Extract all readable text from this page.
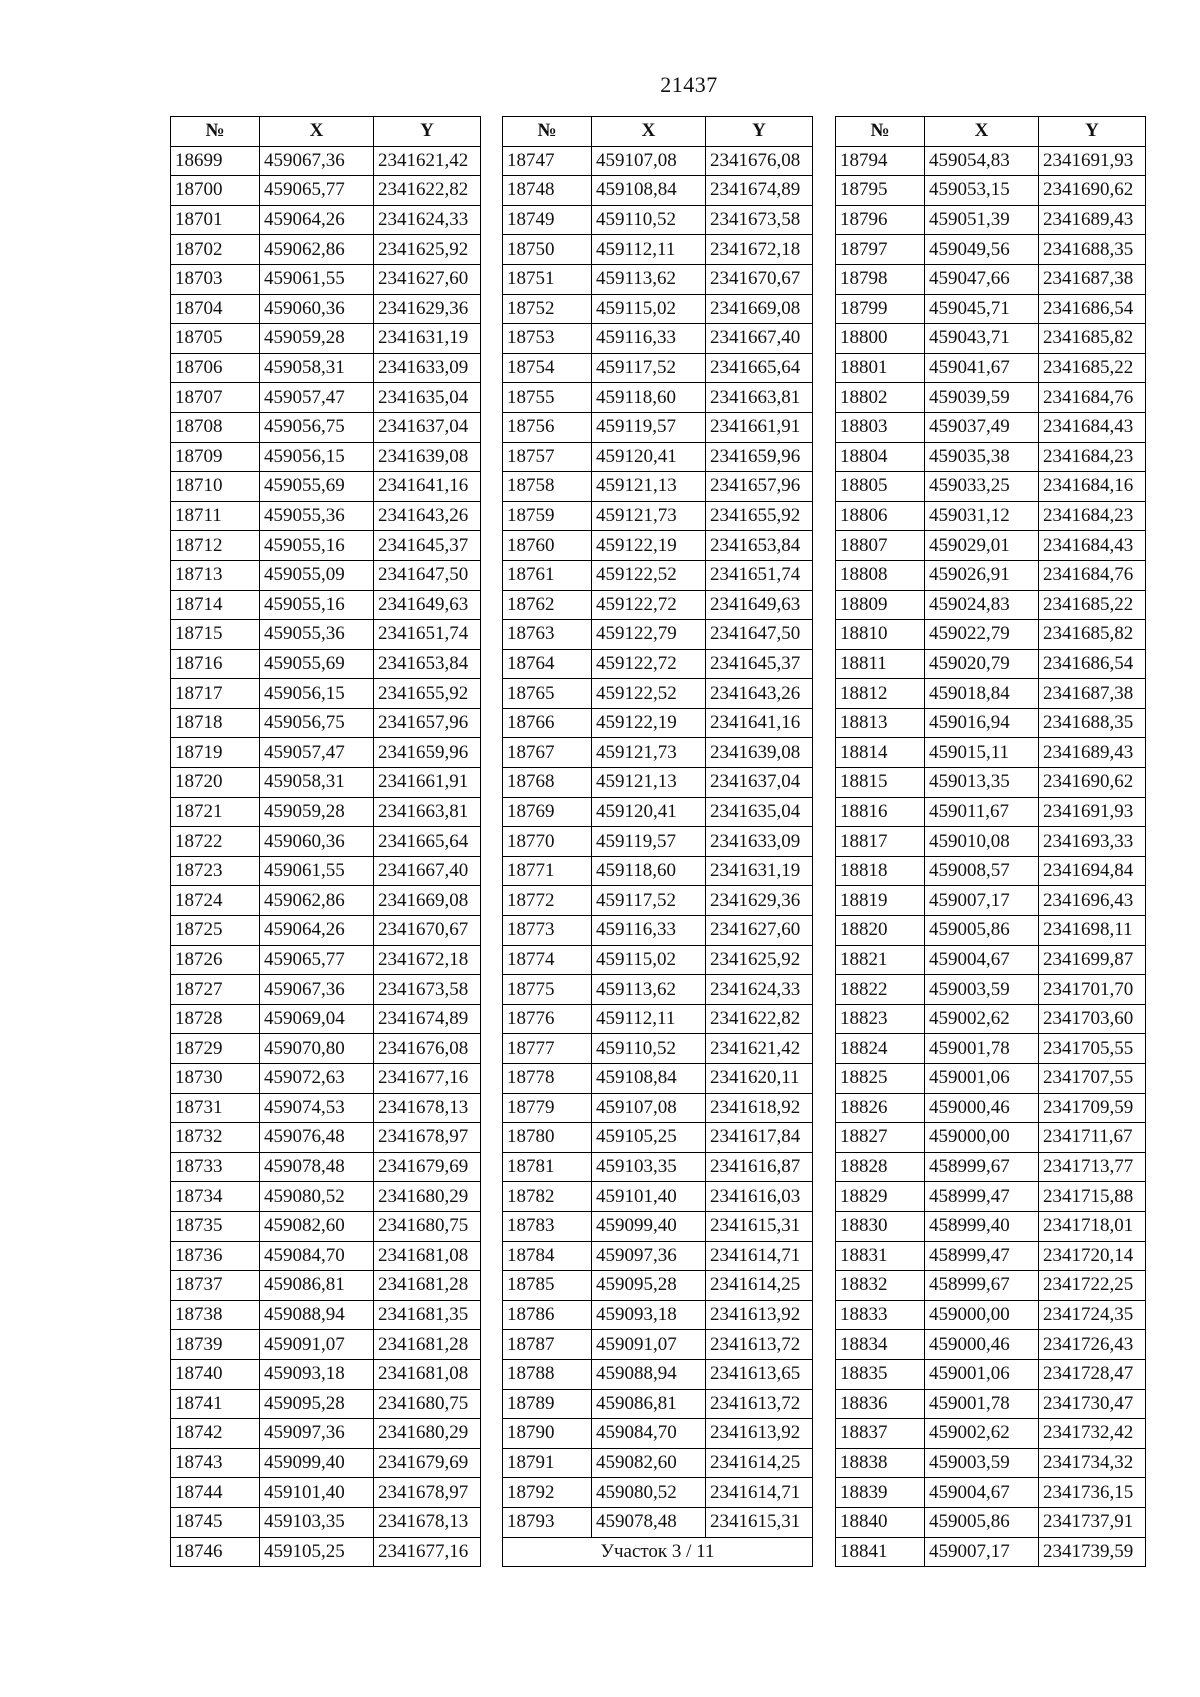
21437
№	X	Y
18699	459067,36	2341621,42
18700	459065,77	2341622,82
18701	459064,26	2341624,33
18702	459062,86	2341625,92
18703	459061,55	2341627,60
18704	459060,36	2341629,36
18705	459059,28	2341631,19
18706	459058,31	2341633,09
18707	459057,47	2341635,04
18708	459056,75	2341637,04
18709	459056,15	2341639,08
18710	459055,69	2341641,16
18711	459055,36	2341643,26
18712	459055,16	2341645,37
18713	459055,09	2341647,50
18714	459055,16	2341649,63
18715	459055,36	2341651,74
18716	459055,69	2341653,84
18717	459056,15	2341655,92
18718	459056,75	2341657,96
18719	459057,47	2341659,96
18720	459058,31	2341661,91
18721	459059,28	2341663,81
18722	459060,36	2341665,64
18723	459061,55	2341667,40
18724	459062,86	2341669,08
18725	459064,26	2341670,67
18726	459065,77	2341672,18
18727	459067,36	2341673,58
18728	459069,04	2341674,89
18729	459070,80	2341676,08
18730	459072,63	2341677,16
18731	459074,53	2341678,13
18732	459076,48	2341678,97
18733	459078,48	2341679,69
18734	459080,52	2341680,29
18735	459082,60	2341680,75
18736	459084,70	2341681,08
18737	459086,81	2341681,28
18738	459088,94	2341681,35
18739	459091,07	2341681,28
18740	459093,18	2341681,08
18741	459095,28	2341680,75
18742	459097,36	2341680,29
18743	459099,40	2341679,69
18744	459101,40	2341678,97
18745	459103,35	2341678,13
18746	459105,25	2341677,16
№	X	Y
18747	459107,08	2341676,08
18748	459108,84	2341674,89
18749	459110,52	2341673,58
18750	459112,11	2341672,18
18751	459113,62	2341670,67
18752	459115,02	2341669,08
18753	459116,33	2341667,40
18754	459117,52	2341665,64
18755	459118,60	2341663,81
18756	459119,57	2341661,91
18757	459120,41	2341659,96
18758	459121,13	2341657,96
18759	459121,73	2341655,92
18760	459122,19	2341653,84
18761	459122,52	2341651,74
18762	459122,72	2341649,63
18763	459122,79	2341647,50
18764	459122,72	2341645,37
18765	459122,52	2341643,26
18766	459122,19	2341641,16
18767	459121,73	2341639,08
18768	459121,13	2341637,04
18769	459120,41	2341635,04
18770	459119,57	2341633,09
18771	459118,60	2341631,19
18772	459117,52	2341629,36
18773	459116,33	2341627,60
18774	459115,02	2341625,92
18775	459113,62	2341624,33
18776	459112,11	2341622,82
18777	459110,52	2341621,42
18778	459108,84	2341620,11
18779	459107,08	2341618,92
18780	459105,25	2341617,84
18781	459103,35	2341616,87
18782	459101,40	2341616,03
18783	459099,40	2341615,31
18784	459097,36	2341614,71
18785	459095,28	2341614,25
18786	459093,18	2341613,92
18787	459091,07	2341613,72
18788	459088,94	2341613,65
18789	459086,81	2341613,72
18790	459084,70	2341613,92
18791	459082,60	2341614,25
18792	459080,52	2341614,71
18793	459078,48	2341615,31
Участок 3 / 11		
№	X	Y
18794	459054,83	2341691,93
18795	459053,15	2341690,62
18796	459051,39	2341689,43
18797	459049,56	2341688,35
18798	459047,66	2341687,38
18799	459045,71	2341686,54
18800	459043,71	2341685,82
18801	459041,67	2341685,22
18802	459039,59	2341684,76
18803	459037,49	2341684,43
18804	459035,38	2341684,23
18805	459033,25	2341684,16
18806	459031,12	2341684,23
18807	459029,01	2341684,43
18808	459026,91	2341684,76
18809	459024,83	2341685,22
18810	459022,79	2341685,82
18811	459020,79	2341686,54
18812	459018,84	2341687,38
18813	459016,94	2341688,35
18814	459015,11	2341689,43
18815	459013,35	2341690,62
18816	459011,67	2341691,93
18817	459010,08	2341693,33
18818	459008,57	2341694,84
18819	459007,17	2341696,43
18820	459005,86	2341698,11
18821	459004,67	2341699,87
18822	459003,59	2341701,70
18823	459002,62	2341703,60
18824	459001,78	2341705,55
18825	459001,06	2341707,55
18826	459000,46	2341709,59
18827	459000,00	2341711,67
18828	458999,67	2341713,77
18829	458999,47	2341715,88
18830	458999,40	2341718,01
18831	458999,47	2341720,14
18832	458999,67	2341722,25
18833	459000,00	2341724,35
18834	459000,46	2341726,43
18835	459001,06	2341728,47
18836	459001,78	2341730,47
18837	459002,62	2341732,42
18838	459003,59	2341734,32
18839	459004,67	2341736,15
18840	459005,86	2341737,91
18841	459007,17	2341739,59
